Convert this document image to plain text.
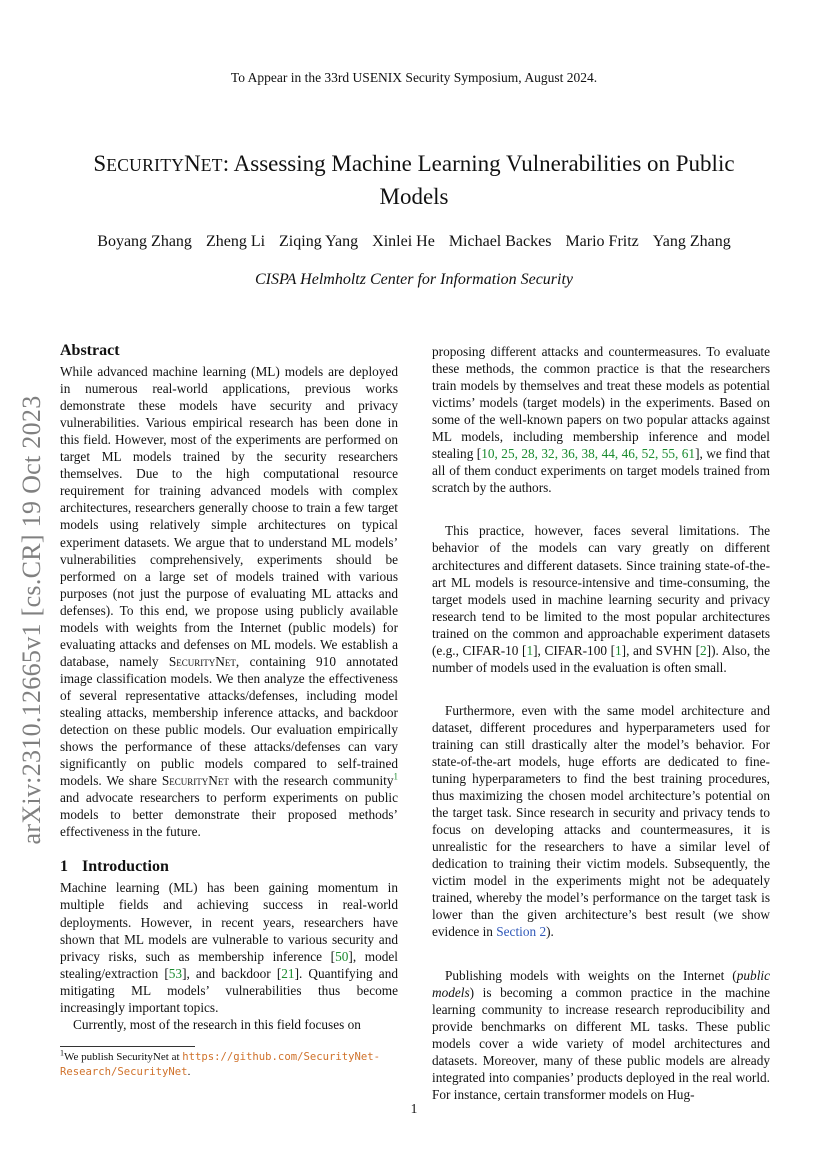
To Appear in the 33rd USENIX Security Symposium, August 2024.
SECURITYNET: Assessing Machine Learning Vulnerabilities on Public Models
Boyang Zhang Zheng Li Ziqing Yang Xinlei He Michael Backes Mario Fritz Yang Zhang
CISPA Helmholtz Center for Information Security
arXiv:2310.12665v1 [cs.CR] 19 Oct 2023
Abstract

While advanced machine learning (ML) models are deployed in numerous real-world applications, previous works demonstrate these models have security and privacy vulnerabilities. Various empirical research has been done in this field. However, most of the experiments are performed on target ML models trained by the security researchers themselves. Due to the high computational resource requirement for training advanced models with complex architectures, researchers generally choose to train a few target models using relatively simple architectures on typical experiment datasets. We argue that to understand ML models’ vulnerabilities comprehensively, experiments should be performed on a large set of models trained with various purposes (not just the purpose of evaluating ML attacks and defenses). To this end, we propose using publicly available models with weights from the Internet (public models) for evaluating attacks and defenses on ML models. We establish a database, namely SecurityNet, containing 910 annotated image classification models. We then analyze the effectiveness of several representative attacks/defenses, including model stealing attacks, membership inference attacks, and backdoor detection on these public models. Our evaluation empirically shows the performance of these attacks/defenses can vary significantly on public models compared to self-trained models. We share SecurityNet with the research community$^1$ and advocate researchers to perform experiments on public models to better demonstrate their proposed methods’ effectiveness in the future.

1 Introduction

Machine learning (ML) has been gaining momentum in multiple fields and achieving success in real-world deployments. However, in recent years, researchers have shown that ML models are vulnerable to various security and privacy risks, such as membership inference [50], model stealing/extraction [53], and backdoor [21]. Quantifying and mitigating ML models’ vulnerabilities thus become increasingly important topics.

Currently, most of the research in this field focuses on

$^1$We publish SecurityNet at https://github.com/SecurityNet-Research/SecurityNet.

proposing different attacks and countermeasures. To evaluate these methods, the common practice is that the researchers train models by themselves and treat these models as potential victims’ models (target models) in the experiments. Based on some of the well-known papers on two popular attacks against ML models, including membership inference and model stealing [10, 25, 28, 32, 36, 38, 44, 46, 52, 55, 61], we find that all of them conduct experiments on target models trained from scratch by the authors.

This practice, however, faces several limitations. The behavior of the models can vary greatly on different architectures and different datasets. Since training state-of-the-art ML models is resource-intensive and time-consuming, the target models used in machine learning security and privacy research tend to be limited to the most popular architectures trained on the common and approachable experiment datasets (e.g., CIFAR-10 [1], CIFAR-100 [1], and SVHN [2]). Also, the number of models used in the evaluation is often small.

Furthermore, even with the same model architecture and dataset, different procedures and hyperparameters used for training can still drastically alter the model’s behavior. For state-of-the-art models, huge efforts are dedicated to fine-tuning hyperparameters to find the best training procedures, thus maximizing the chosen model architecture’s potential on the target task. Since research in security and privacy tends to focus on developing attacks and countermeasures, it is unrealistic for the researchers to have a similar level of dedication to training their victim models. Subsequently, the victim model in the experiments might not be adequately trained, whereby the model’s performance on the target task is lower than the given architecture’s best result (we show evidence in Section 2).

Publishing models with weights on the Internet (public models) is becoming a common practice in the machine learning community to increase research reproducibility and provide benchmarks on different ML tasks. These public models cover a wide variety of model architectures and datasets. Moreover, many of these public models are already integrated into companies’ products deployed in the real world. For instance, certain transformer models on Hug-

1
